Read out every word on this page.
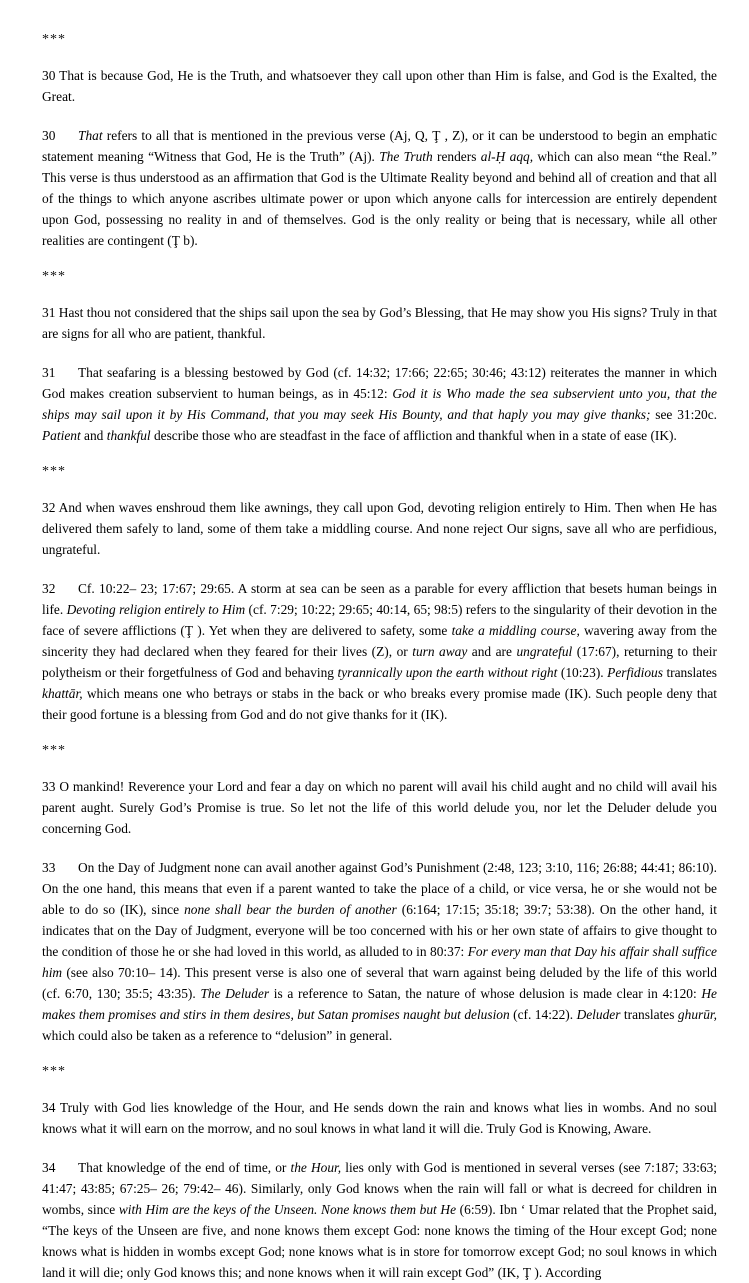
***

30 That is because God, He is the Truth, and whatsoever they call upon other than Him is false, and God is the Exalted, the Great.

30 That refers to all that is mentioned in the previous verse (Aj, Q, Ţ , Z), or it can be understood to begin an emphatic statement meaning “Witness that God, He is the Truth” (Aj). The Truth renders al-Ḥ aqq, which can also mean “the Real.” This verse is thus understood as an affirmation that God is the Ultimate Reality beyond and behind all of creation and that all of the things to which anyone ascribes ultimate power or upon which anyone calls for intercession are entirely dependent upon God, possessing no reality in and of themselves. God is the only reality or being that is necessary, while all other realities are contingent (Ţ b).

***

31 Hast thou not considered that the ships sail upon the sea by God’s Blessing, that He may show you His signs? Truly in that are signs for all who are patient, thankful.

31 That seafaring is a blessing bestowed by God (cf. 14:32; 17:66; 22:65; 30:46; 43:12) reiterates the manner in which God makes creation subservient to human beings, as in 45:12: God it is Who made the sea subservient unto you, that the ships may sail upon it by His Command, that you may seek His Bounty, and that haply you may give thanks; see 31:20c. Patient and thankful describe those who are steadfast in the face of affliction and thankful when in a state of ease (IK).

***

32 And when waves enshroud them like awnings, they call upon God, devoting religion entirely to Him. Then when He has delivered them safely to land, some of them take a middling course. And none reject Our signs, save all who are perfidious, ungrateful.

32 Cf. 10:22– 23; 17:67; 29:65. A storm at sea can be seen as a parable for every affliction that besets human beings in life. Devoting religion entirely to Him (cf. 7:29; 10:22; 29:65; 40:14, 65; 98:5) refers to the singularity of their devotion in the face of severe afflictions (Ţ ). Yet when they are delivered to safety, some take a middling course, wavering away from the sincerity they had declared when they feared for their lives (Z), or turn away and are ungrateful (17:67), returning to their polytheism or their forgetfulness of God and behaving tyrannically upon the earth without right (10:23). Perfidious translates khattār, which means one who betrays or stabs in the back or who breaks every promise made (IK). Such people deny that their good fortune is a blessing from God and do not give thanks for it (IK).

***

33 O mankind! Reverence your Lord and fear a day on which no parent will avail his child aught and no child will avail his parent aught. Surely God’s Promise is true. So let not the life of this world delude you, nor let the Deluder delude you concerning God.

33 On the Day of Judgment none can avail another against God’s Punishment (2:48, 123; 3:10, 116; 26:88; 44:41; 86:10). On the one hand, this means that even if a parent wanted to take the place of a child, or vice versa, he or she would not be able to do so (IK), since none shall bear the burden of another (6:164; 17:15; 35:18; 39:7; 53:38). On the other hand, it indicates that on the Day of Judgment, everyone will be too concerned with his or her own state of affairs to give thought to the condition of those he or she had loved in this world, as alluded to in 80:37: For every man that Day his affair shall suffice him (see also 70:10– 14). This present verse is also one of several that warn against being deluded by the life of this world (cf. 6:70, 130; 35:5; 43:35). The Deluder is a reference to Satan, the nature of whose delusion is made clear in 4:120: He makes them promises and stirs in them desires, but Satan promises naught but delusion (cf. 14:22). Deluder translates ghurūr, which could also be taken as a reference to “delusion” in general.

***

34 Truly with God lies knowledge of the Hour, and He sends down the rain and knows what lies in wombs. And no soul knows what it will earn on the morrow, and no soul knows in what land it will die. Truly God is Knowing, Aware.

34 That knowledge of the end of time, or the Hour, lies only with God is mentioned in several verses (see 7:187; 33:63; 41:47; 43:85; 67:25– 26; 79:42– 46). Similarly, only God knows when the rain will fall or what is decreed for children in wombs, since with Him are the keys of the Unseen. None knows them but He (6:59). Ibn ʻ Umar related that the Prophet said, “The keys of the Unseen are five, and none knows them except God: none knows the timing of the Hour except God; none knows what is hidden in wombs except God; none knows what is in store for tomorrow except God; no soul knows in which land it will die; only God knows this; and none knows when it will rain except God” (IK, Ţ ). According
